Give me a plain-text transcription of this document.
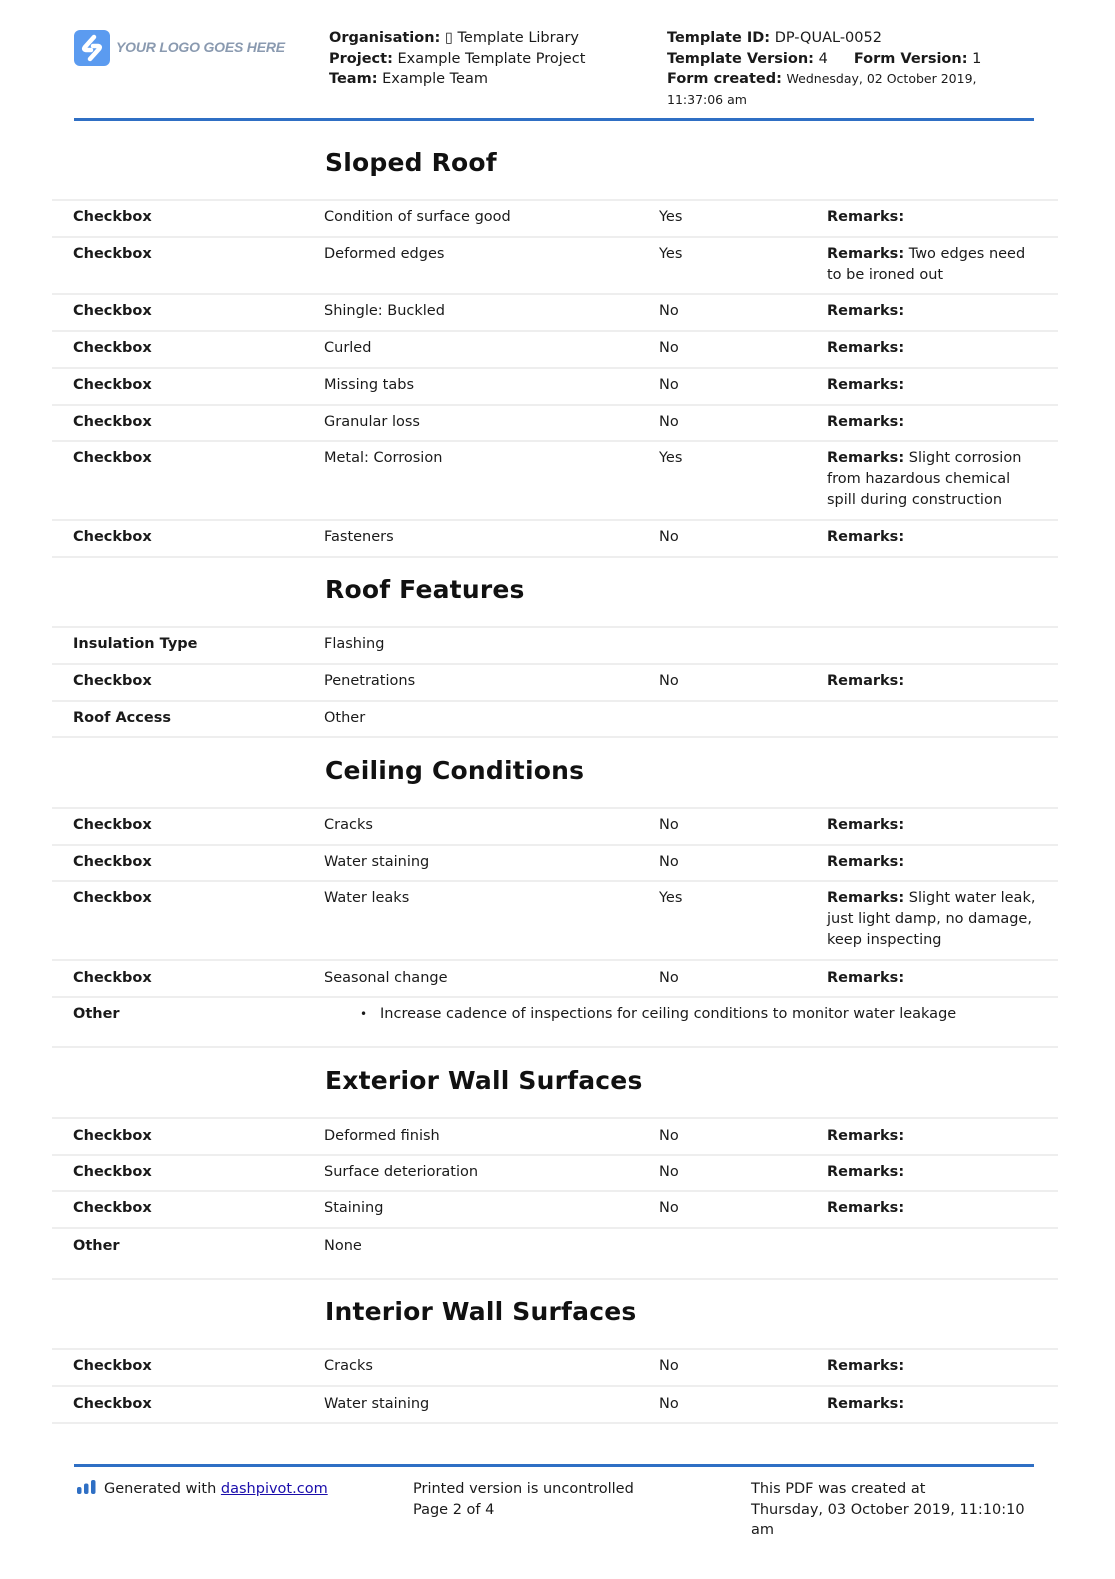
YOUR LOGO GOES HERE
Organisation: ▯ Template Library
Project: Example Template Project
Team: Example Team
Template ID: DP-QUAL-0052
Template Version: 4 Form Version: 1
Form created: Wednesday, 02 October 2019,
11:37:06 am
Sloped Roof
Checkbox	Condition of surface good	Yes	Remarks:
Checkbox	Deformed edges	Yes	Remarks: Two edges need to be ironed out
Checkbox	Shingle: Buckled	No	Remarks:
Checkbox	Curled	No	Remarks:
Checkbox	Missing tabs	No	Remarks:
Checkbox	Granular loss	No	Remarks:
Checkbox	Metal: Corrosion	Yes	Remarks: Slight corrosion from hazardous chemical spill during construction
Checkbox	Fasteners	No	Remarks:
Roof Features
Insulation Type	Flashing
Checkbox	Penetrations	No	Remarks:
Roof Access	Other
Ceiling Conditions
Checkbox	Cracks	No	Remarks:
Checkbox	Water staining	No	Remarks:
Checkbox	Water leaks	Yes	Remarks: Slight water leak, just light damp, no damage, keep inspecting
Checkbox	Seasonal change	No	Remarks:
Other	• Increase cadence of inspections for ceiling conditions to monitor water leakage
Exterior Wall Surfaces
Checkbox	Deformed finish	No	Remarks:
Checkbox	Surface deterioration	No	Remarks:
Checkbox	Staining	No	Remarks:
Other	None
Interior Wall Surfaces
Checkbox	Cracks	No	Remarks:
Checkbox	Water staining	No	Remarks:
Generated with dashpivot.com	Printed version is uncontrolled
Page 2 of 4
This PDF was created at
Thursday, 03 October 2019, 11:10:10
am
